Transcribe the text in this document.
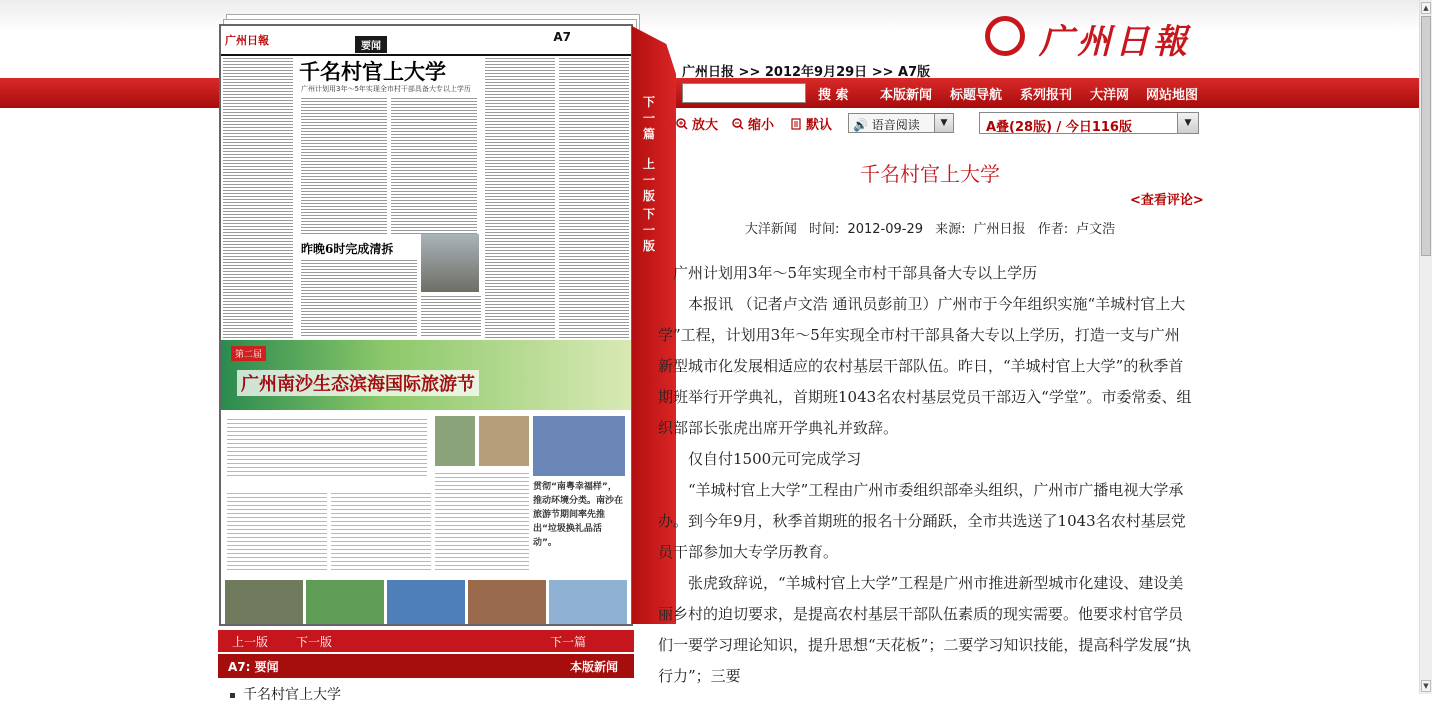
广州日報	要闻
A7
千名村官上大学
广州计划用3年～5年实现全市村干部具备大专以上学历
昨晚6时完成清拆
第二届
广州南沙生态滨海国际旅游节
贯彻“南粤幸福样”，推动环境分类。南沙在旅游节期间率先推出“垃圾换礼品活动”。
下一篇
上一版
下一版
上一版 下一版	下一篇
A7: 要闻	本版新闻
千名村官上大学
广州日報
广州日报 >> 2012年9月29日 >> A7版
搜 索 本版新闻 标题导航 系列报刊 大洋网 网站地图
放大	缩小	默认 🔊 语音阅读	▼	A叠(28版) / 今日116版	▼
千名村官上大学
<查看评论>
大洋新闻 时间: 2012-09-29 来源: 广州日报 作者: 卢文浩

广州计划用3年～5年实现全市村干部具备大专以上学历

本报讯 （记者卢文浩 通讯员彭前卫）广州市于今年组织实施“羊城村官上大学”工程，计划用3年～5年实现全市村干部具备大专以上学历，打造一支与广州新型城市化发展相适应的农村基层干部队伍。昨日，“羊城村官上大学”的秋季首期班举行开学典礼，首期班1043名农村基层党员干部迈入“学堂”。市委常委、组织部部长张虎出席开学典礼并致辞。

仅自付1500元可完成学习

“羊城村官上大学”工程由广州市委组织部牵头组织，广州市广播电视大学承办。到今年9月，秋季首期班的报名十分踊跃，全市共选送了1043名农村基层党员干部参加大专学历教育。

张虎致辞说，“羊城村官上大学”工程是广州市推进新型城市化建设、建设美丽乡村的迫切要求，是提高农村基层干部队伍素质的现实需要。他要求村官学员们一要学习理论知识，提升思想“天花板”；二要学习知识技能，提高科学发展“执行力”；三要

▲
▼
